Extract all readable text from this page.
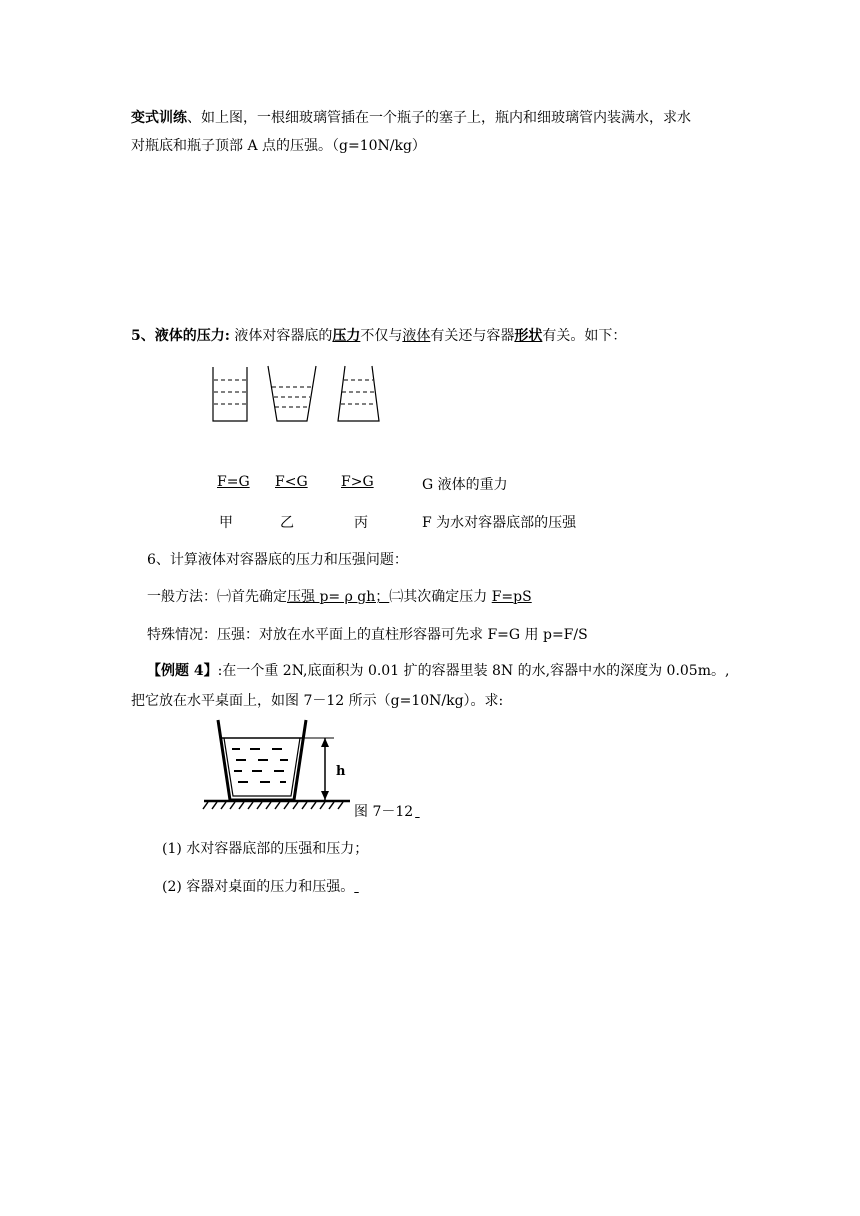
变式训练、如上图，一根细玻璃管插在一个瓶子的塞子上，瓶内和细玻璃管内装满水，求水
对瓶底和瓶子顶部 A 点的压强。（g=10N/kg）
5、液体的压力: 液体对容器底的压力不仅与液体有关还与容器形状有关。如下：
F=G F<G F>G	G 液体的重力
甲	乙	丙	F 为水对容器底部的压强
6、计算液体对容器底的压力和压强问题：
一般方法：㈠首先确定压强 p= ρ gh；㈡其次确定压力 F=pS
特殊情况：压强：对放在水平面上的直柱形容器可先求 F=G 用 p=F/S
【例题 4】:在一个重 2N,底面积为 0.01 扩的容器里装 8N 的水,容器中水的深度为 0.05m。,
把它放在水平桌面上，如图 7－12 所示（g=10N/kg）。求:
h
图 7－12
(1) 水对容器底部的压强和压力；
(2) 容器对桌面的压力和压强。
